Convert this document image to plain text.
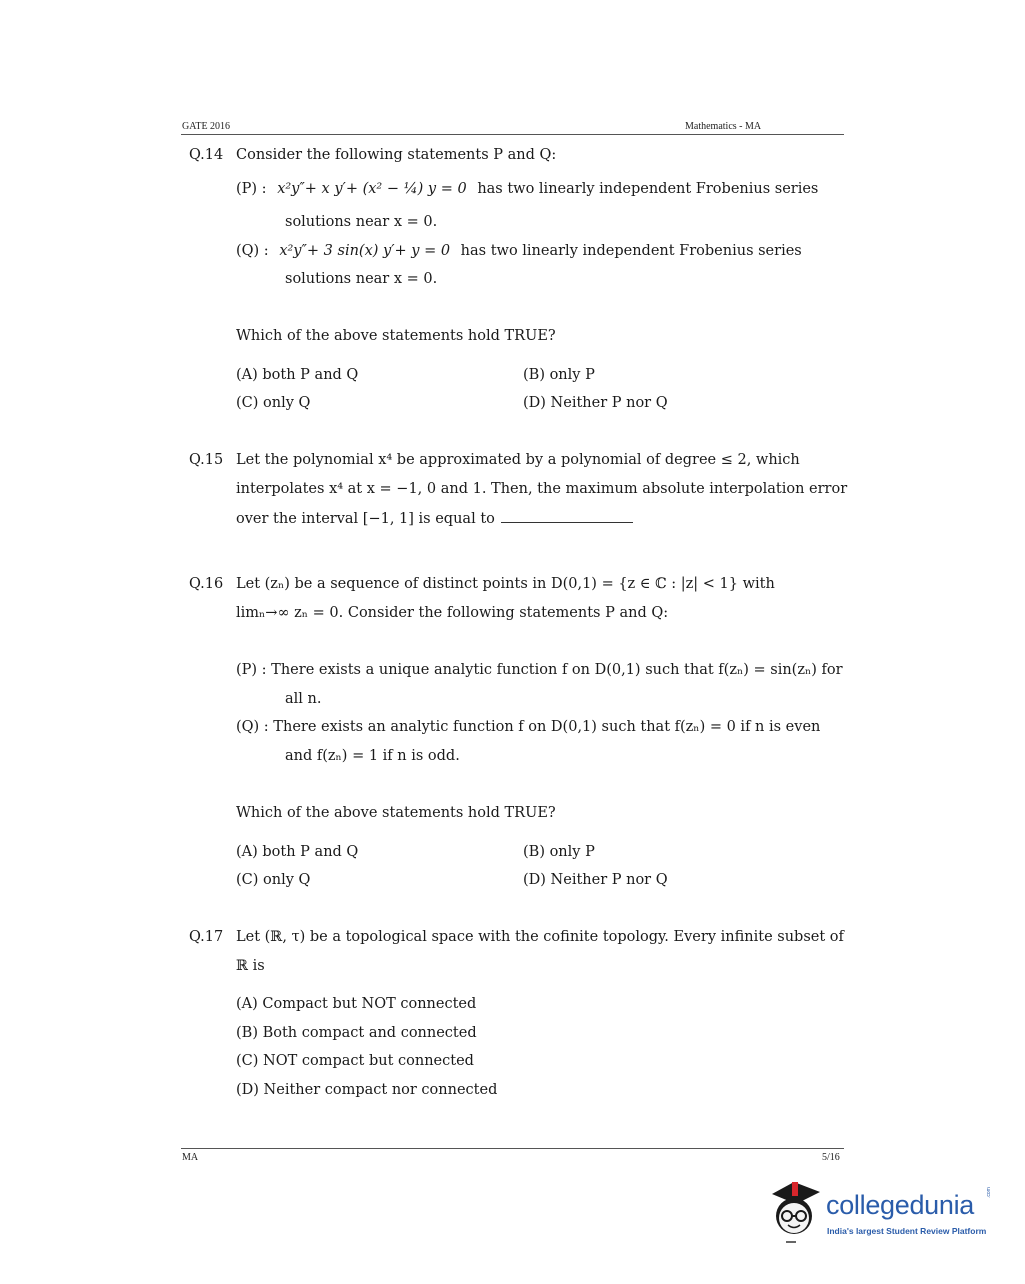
GATE 2016	Mathematics - MA
Q.14 Consider the following statements P and Q:
(P) : x²y″+ x y′+ (x² − ¼) y = 0 has two linearly independent Frobenius series
solutions near x = 0.
(Q) : x²y″+ 3 sin(x) y′+ y = 0 has two linearly independent Frobenius series
solutions near x = 0.
Which of the above statements hold TRUE?
(A) both P and Q	(B) only P
(C) only Q	(D) Neither P nor Q
Q.15 Let the polynomial x⁴ be approximated by a polynomial of degree ≤ 2, which
interpolates x⁴ at x = −1, 0 and 1. Then, the maximum absolute interpolation error
over the interval [−1, 1] is equal to
Q.16 Let (zₙ) be a sequence of distinct points in D(0,1) = {z ∈ ℂ : |z| < 1} with
limₙ→∞ zₙ = 0. Consider the following statements P and Q:
(P) : There exists a unique analytic function f on D(0,1) such that f(zₙ) = sin(zₙ) for
all n.
(Q) : There exists an analytic function f on D(0,1) such that f(zₙ) = 0 if n is even
and f(zₙ) = 1 if n is odd.
Which of the above statements hold TRUE?
(A) both P and Q	(B) only P
(C) only Q	(D) Neither P nor Q
Q.17 Let (ℝ, τ) be a topological space with the cofinite topology. Every infinite subset of
ℝ is
(A) Compact but NOT connected
(B) Both compact and connected
(C) NOT compact but connected
(D) Neither compact nor connected
MA	5/16
collegedunia .com
India's largest Student Review Platform
